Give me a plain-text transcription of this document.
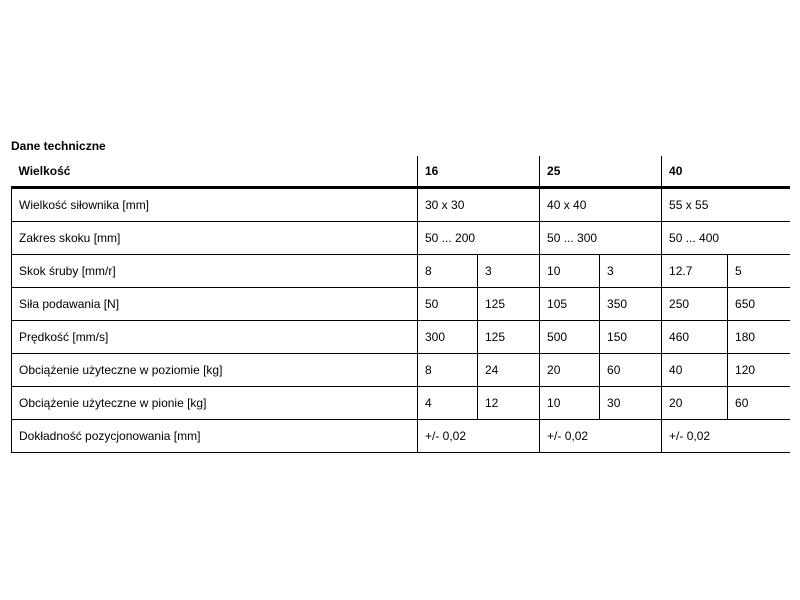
Dane techniczne
Wielkość	16		25		40	
Wielkość siłownika [mm]	30 x 30		40 x 40		55 x 55	
Zakres skoku [mm]	50 ... 200		50 ... 300		50 ... 400	
Skok śruby [mm/r]	8	3	10	3	12.7	5
Siła podawania [N]	50	125	105	350	250	650
Prędkość [mm/s]	300	125	500	150	460	180
Obciążenie użyteczne w poziomie [kg]	8	24	20	60	40	120
Obciążenie użyteczne w pionie [kg]	4	12	10	30	20	60
Dokładność pozycjonowania [mm]	+/- 0,02		+/- 0,02		+/- 0,02	
